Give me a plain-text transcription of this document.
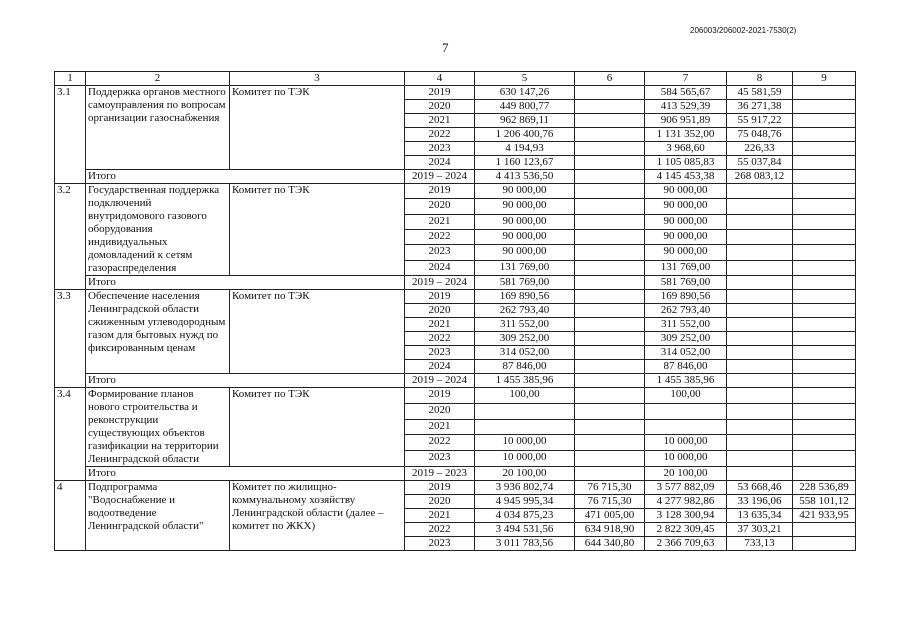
206003/206002-2021-7530(2)
7
1	2	3	4	5	6	7	8	9
3.1	Поддержка органов местного самоуправления по вопросам организации газоснабжения	Комитет по ТЭК	2019	630 147,26		584 565,67	45 581,59	
			2020	449 800,77		413 529,39	36 271,38	
			2021	962 869,11		906 951,89	55 917,22	
			2022	1 206 400,76		1 131 352,00	75 048,76	
			2023	4 194,93		3 968,60	226,33	
			2024	1 160 123,67		1 105 085,83	55 037,84	
	Итого		2019 – 2024	4 413 536,50		4 145 453,38	268 083,12	
3.2	Государственная поддержка подключений внутридомового газового оборудования индивидуальных домовладений к сетям газораспределения	Комитет по ТЭК	2019	90 000,00		90 000,00		
			2020	90 000,00		90 000,00		
			2021	90 000,00		90 000,00		
			2022	90 000,00		90 000,00		
			2023	90 000,00		90 000,00		
			2024	131 769,00		131 769,00		
	Итого		2019 – 2024	581 769,00		581 769,00		
3.3	Обеспечение населения Ленинградской области сжиженным углеводородным газом для бытовых нужд по фиксированным ценам	Комитет по ТЭК	2019	169 890,56		169 890,56		
			2020	262 793,40		262 793,40		
			2021	311 552,00		311 552,00		
			2022	309 252,00		309 252,00		
			2023	314 052,00		314 052,00		
			2024	87 846,00		87 846,00		
	Итого		2019 – 2024	1 455 385,96		1 455 385,96		
3.4	Формирование планов нового строительства и реконструкции существующих объектов газификации на территории Ленинградской области	Комитет по ТЭК	2019	100,00		100,00		
			2020					
			2021					
			2022	10 000,00		10 000,00		
			2023	10 000,00		10 000,00		
	Итого		2019 – 2023	20 100,00		20 100,00		
4	Подпрограмма "Водоснабжение и водоотведение Ленинградской области"	Комитет по жилищно-коммунальному хозяйству Ленинградской области (далее – комитет по ЖКХ)	2019	3 936 802,74	76 715,30	3 577 882,09	53 668,46	228 536,89
			2020	4 945 995,34	76 715,30	4 277 982,86	33 196,06	558 101,12
			2021	4 034 875,23	471 005,00	3 128 300,94	13 635,34	421 933,95
			2022	3 494 531,56	634 918,90	2 822 309,45	37 303,21	
			2023	3 011 783,56	644 340,80	2 366 709,63	733,13	
